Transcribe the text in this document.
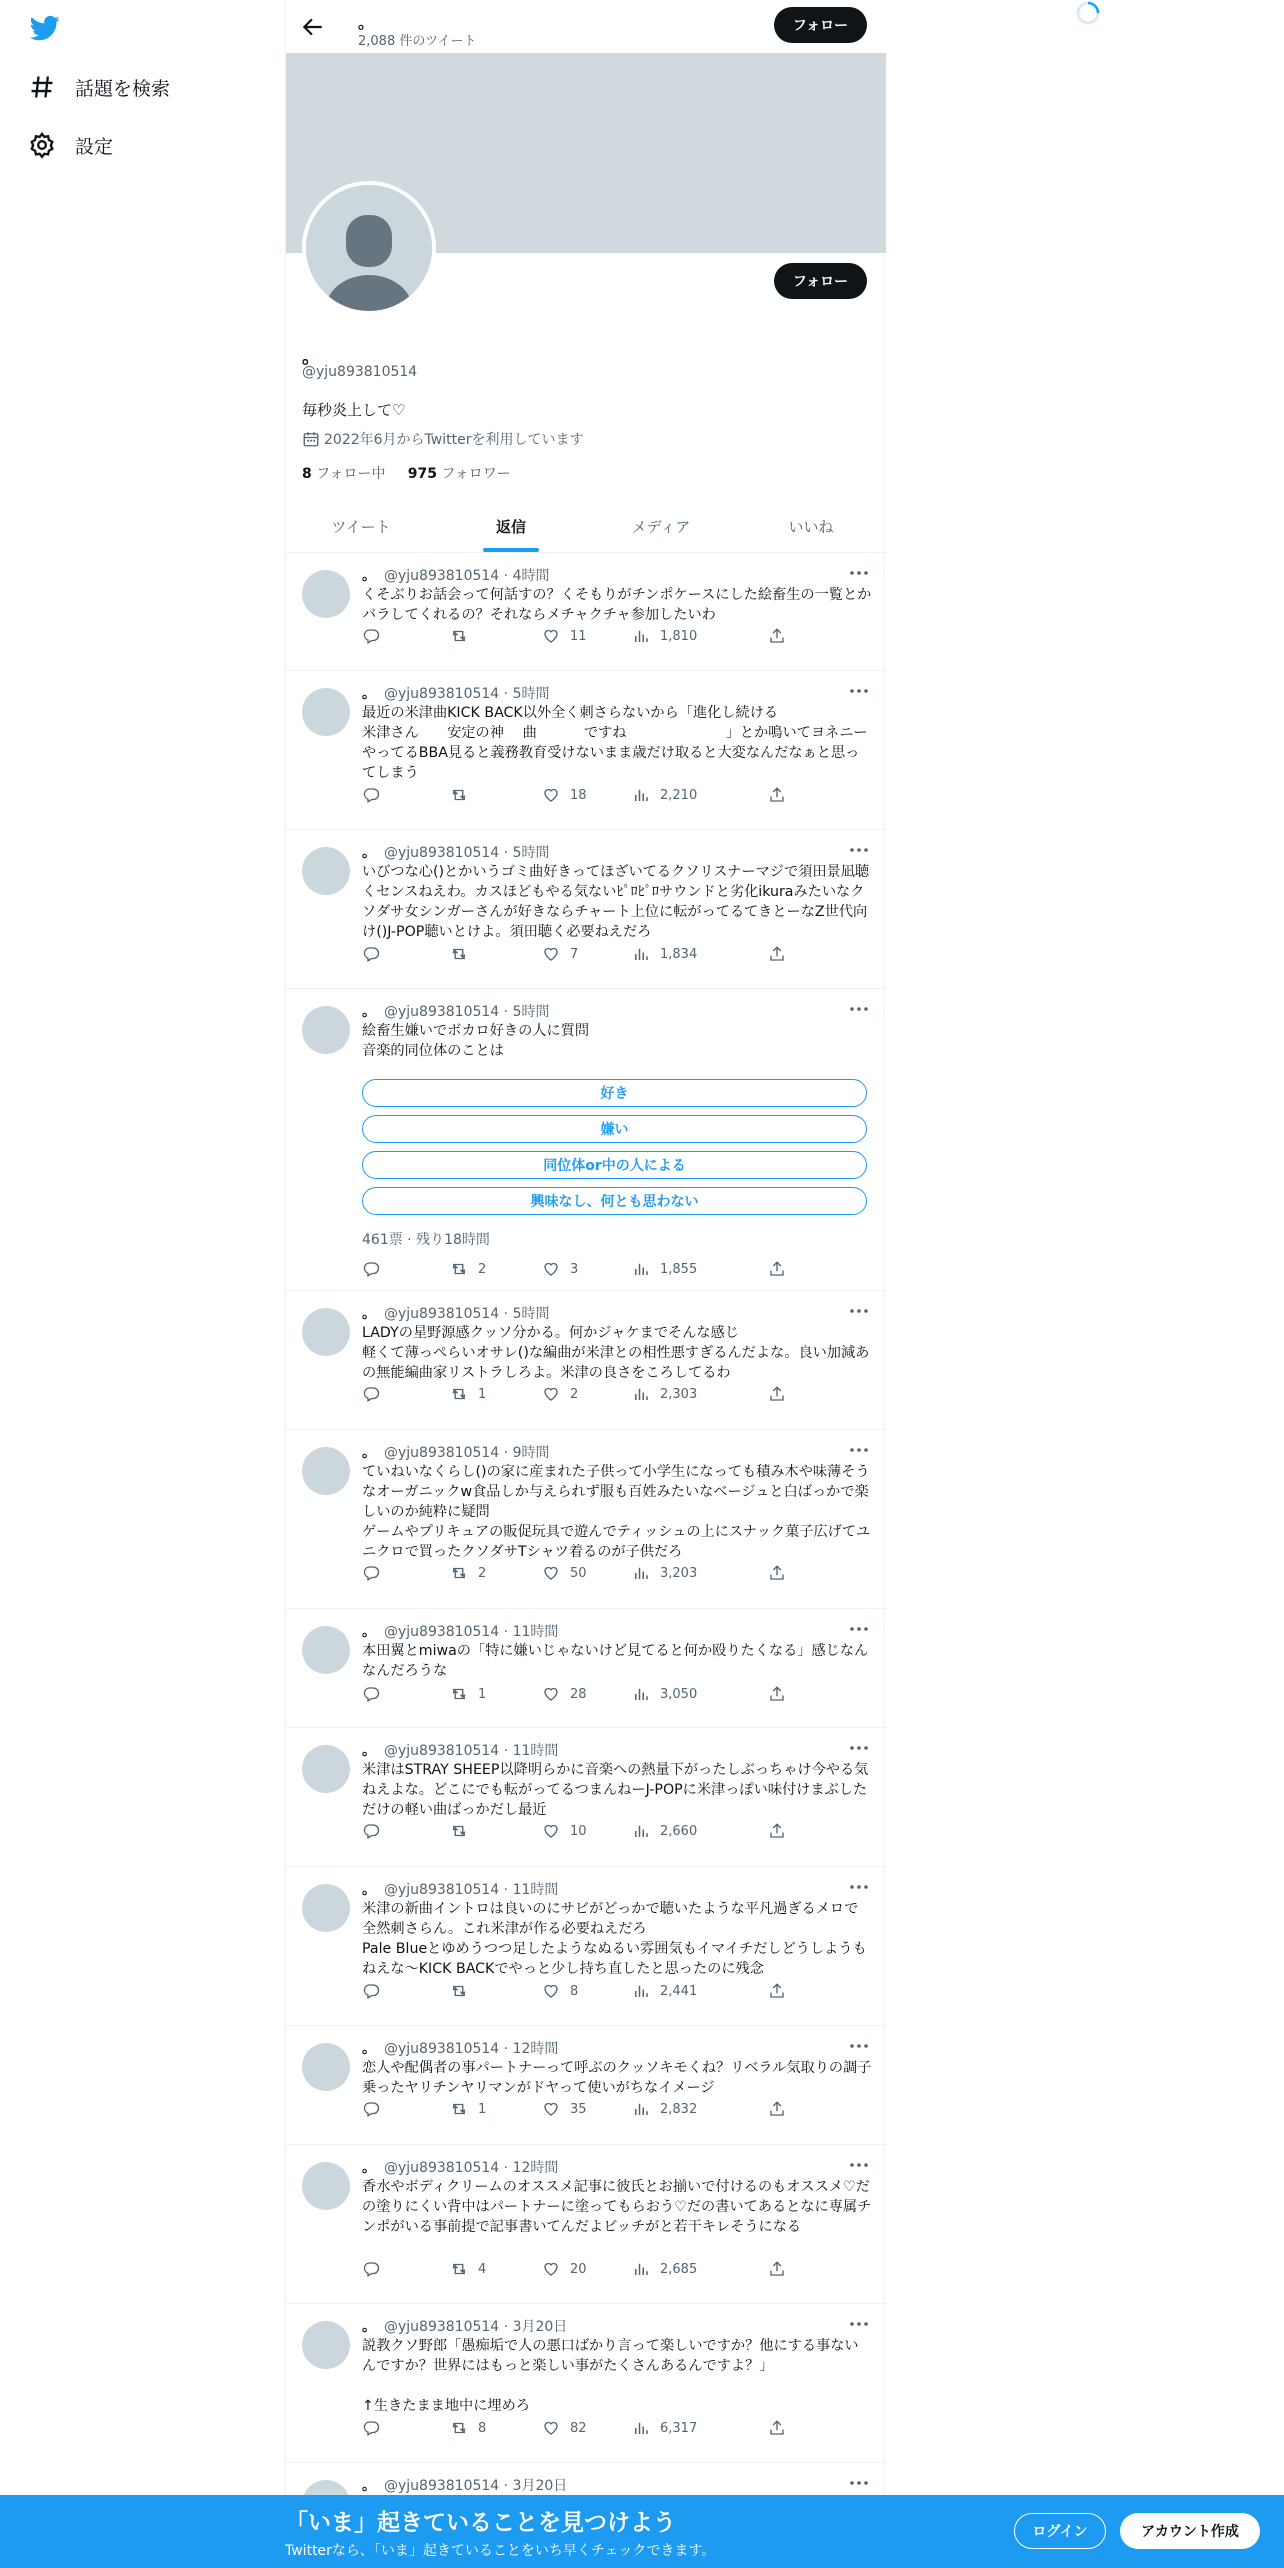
話題を検索
設定
。
2,088 件のツイート
フォロー
フォロー
。
@yju893810514
毎秒炎上して♡
2022年6月からTwitterを利用しています
8 フォロー中 975 フォロワー
ツイート	返信	メディア	いいね
。 @yju893810514 · 4時間
くそぶりお話会って何話すの？くそもりがチンポケースにした絵畜生の一覧とかバラしてくれるの？それならメチャクチャ参加したいわ
11	1,810
。 @yju893810514 · 5時間
最近の米津曲KICK BACK以外全く刺さらないから「進化し続ける
米津さん　　安定の神　 曲　　　 ですね　　　　　　　」とか鳴いてヨネニーやってるBBA見ると義務教育受けないまま歳だけ取ると大変なんだなぁと思ってしまう
18	2,210
。 @yju893810514 · 5時間
いびつな心()とかいうゴミ曲好きってほざいてるクソリスナーマジで須田景凪聴くセンスねえわ。カスほどもやる気ないﾋﾟﾛﾋﾟﾛサウンドと劣化ikuraみたいなクソダサ女シンガーさんが好きならチャート上位に転がってるてきとーなZ世代向け()J-POP聴いとけよ。須田聴く必要ねえだろ
7	1,834
。 @yju893810514 · 5時間
絵畜生嫌いでボカロ好きの人に質問
音楽的同位体のことは
好き
嫌い
同位体or中の人による
興味なし、何とも思わない
461票 · 残り18時間
2	3	1,855
。 @yju893810514 · 5時間
LADYの星野源感クッソ分かる。何かジャケまでそんな感じ
軽くて薄っぺらいオサレ()な編曲が米津との相性悪すぎるんだよな。良い加減あの無能編曲家リストラしろよ。米津の良さをころしてるわ
1	2	2,303
。 @yju893810514 · 9時間
ていねいなくらし()の家に産まれた子供って小学生になっても積み木や味薄そうなオーガニックw食品しか与えられず服も百姓みたいなベージュと白ばっかで楽しいのか純粋に疑問
ゲームやプリキュアの販促玩具で遊んでティッシュの上にスナック菓子広げてユニクロで買ったクソダサTシャツ着るのが子供だろ
2	50	3,203
。 @yju893810514 · 11時間
本田翼とmiwaの「特に嫌いじゃないけど見てると何か殴りたくなる」感じなんなんだろうな
1	28	3,050
。 @yju893810514 · 11時間
米津はSTRAY SHEEP以降明らかに音楽への熱量下がったしぶっちゃけ今やる気ねえよな。どこにでも転がってるつまんねーJ-POPに米津っぽい味付けまぶしただけの軽い曲ばっかだし最近
10	2,660
。 @yju893810514 · 11時間
米津の新曲イントロは良いのにサビがどっかで聴いたような平凡過ぎるメロで全然刺さらん。これ米津が作る必要ねえだろ
Pale Blueとゆめうつつ足したようなぬるい雰囲気もイマイチだしどうしようもねえな～KICK BACKでやっと少し持ち直したと思ったのに残念
8	2,441
。 @yju893810514 · 12時間
恋人や配偶者の事パートナーって呼ぶのクッソキモくね？リベラル気取りの調子乗ったヤリチンヤリマンがドヤって使いがちなイメージ
1	35	2,832
。 @yju893810514 · 12時間
香水やボディクリームのオススメ記事に彼氏とお揃いで付けるのもオススメ♡だの塗りにくい背中はパートナーに塗ってもらおう♡だの書いてあるとなに専属チンポがいる事前提で記事書いてんだよビッチがと若干キレそうになる
4	20	2,685
。 @yju893810514 · 3月20日
説教クソ野郎「愚痴垢で人の悪口ばかり言って楽しいですか？他にする事ないんですか？世界にはもっと楽しい事がたくさんあるんですよ？」

↑生きたまま地中に埋めろ
8	82	6,317
。 @yju893810514 · 3月20日
「いま」起きていることを見つけよう
Twitterなら、「いま」起きていることをいち早くチェックできます。
ログイン	アカウント作成
